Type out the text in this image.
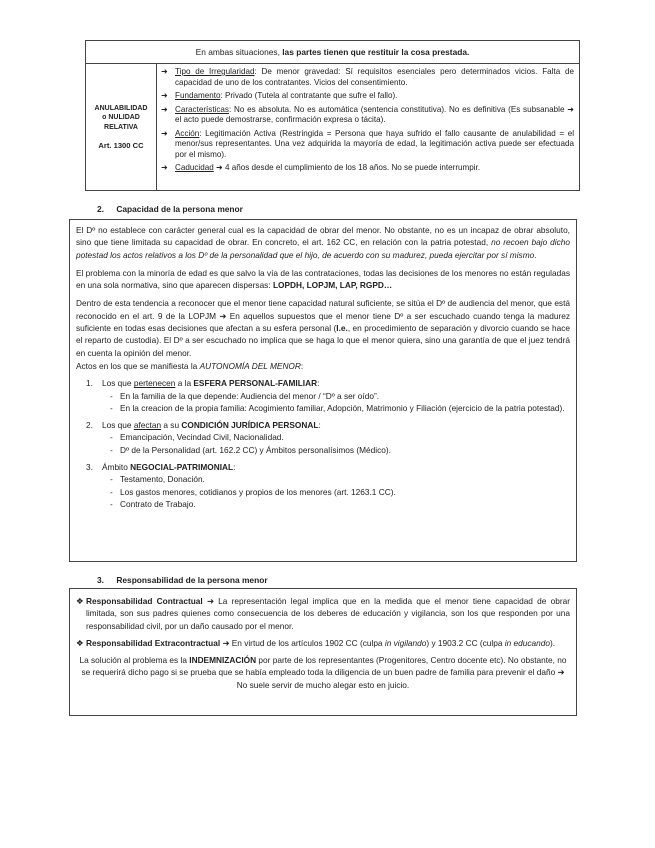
En ambas situaciones, las partes tienen que restituir la cosa prestada.
ANULABILIDAD
o NULIDAD
RELATIVA
Art. 1300 CC
➜ Tipo de Irregularidad: De menor gravedad: Sí requisitos esenciales pero determinados vicios. Falta de capacidad de uno de los contratantes. Vicios del consentimiento.
➜ Fundamento: Privado (Tutela al contratante que sufre el fallo).
➜ Características: No es absoluta. No es automática (sentencia constitutiva). No es definitiva (Es subsanable ➜ el acto puede demostrarse, confirmación expresa o tácita).
➜ Acción: Legitimación Activa (Restringida = Persona que haya sufrido el fallo causante de anulabilidad = el menor/sus representantes. Una vez adquirida la mayoría de edad, la legitimación activa puede ser efectuada por el mismo).
➜ Caducidad ➜ 4 años desde el cumplimiento de los 18 años. No se puede interrumpir.
2. Capacidad de la persona menor

El Dº no establece con carácter general cual es la capacidad de obrar del menor. No obstante, no es un incapaz de obrar absoluto, sino que tiene limitada su capacidad de obrar. En concreto, el art. 162 CC, en relación con la patria potestad, no recoen bajo dicho potestad los actos relativos a los Dº de la personalidad que el hijo, de acuerdo con su madurez, pueda ejercitar por sí mismo.

El problema con la minoría de edad es que salvo la vía de las contrataciones, todas las decisiones de los menores no están reguladas en una sola normativa, sino que aparecen dispersas: LOPDH, LOPJM, LAP, RGPD…

Dentro de esta tendencia a reconocer que el menor tiene capacidad natural suficiente, se sitúa el Dº de audiencia del menor, que está reconocido en el art. 9 de la LOPJM ➜ En aquellos supuestos que el menor tiene Dº a ser escuchado cuando tenga la madurez suficiente en todas esas decisiones que afectan a su esfera personal (I.e., en procedimiento de separación y divorcio cuando se hace el reparto de custodia). El Dº a ser escuchado no implica que se haga lo que el menor quiera, sino una garantía de que el juez tendrá en cuenta la opinión del menor.

Actos en los que se manifiesta la AUTONOMÍA DEL MENOR:

1.	Los que pertenecen a la ESFERA PERSONAL-FAMILIAR:
- En la familia de la que depende: Audiencia del menor / “Dº a ser oído”.
- En la creacion de la propia familia: Acogimiento familiar, Adopción, Matrimonio y Filiación (ejercicio de la patria potestad).
2.	Los que afectan a su CONDICIÓN JURÍDICA PERSONAL:
- Emancipación, Vecindad Civil, Nacionalidad.
- Dº de la Personalidad (art. 162.2 CC) y Ámbitos personalísimos (Médico).
3.	Ámbito NEGOCIAL-PATRIMONIAL:
- Testamento, Donación.
- Los gastos menores, cotidianos y propios de los menores (art. 1263.1 CC).
- Contrato de Trabajo.
3. Responsabilidad de la persona menor
❖ Responsabilidad Contractual ➜ La representación legal implica que en la medida que el menor tiene capacidad de obrar limitada, son sus padres quienes como consecuencia de los deberes de educación y vigilancia, son los que responden por una responsabilidad civil, por un daño causado por el menor.
❖ Responsabilidad Extracontractual ➜ En virtud de los artículos 1902 CC (culpa in vigilando) y 1903.2 CC (culpa in educando).

La solución al problema es la INDEMNIZACIÓN por parte de los representantes (Progenitores, Centro docente etc). No obstante, no se requerirá dicho pago si se prueba que se había empleado toda la diligencia de un buen padre de familia para prevenir el daño ➜ No suele servir de mucho alegar esto en juicio.
